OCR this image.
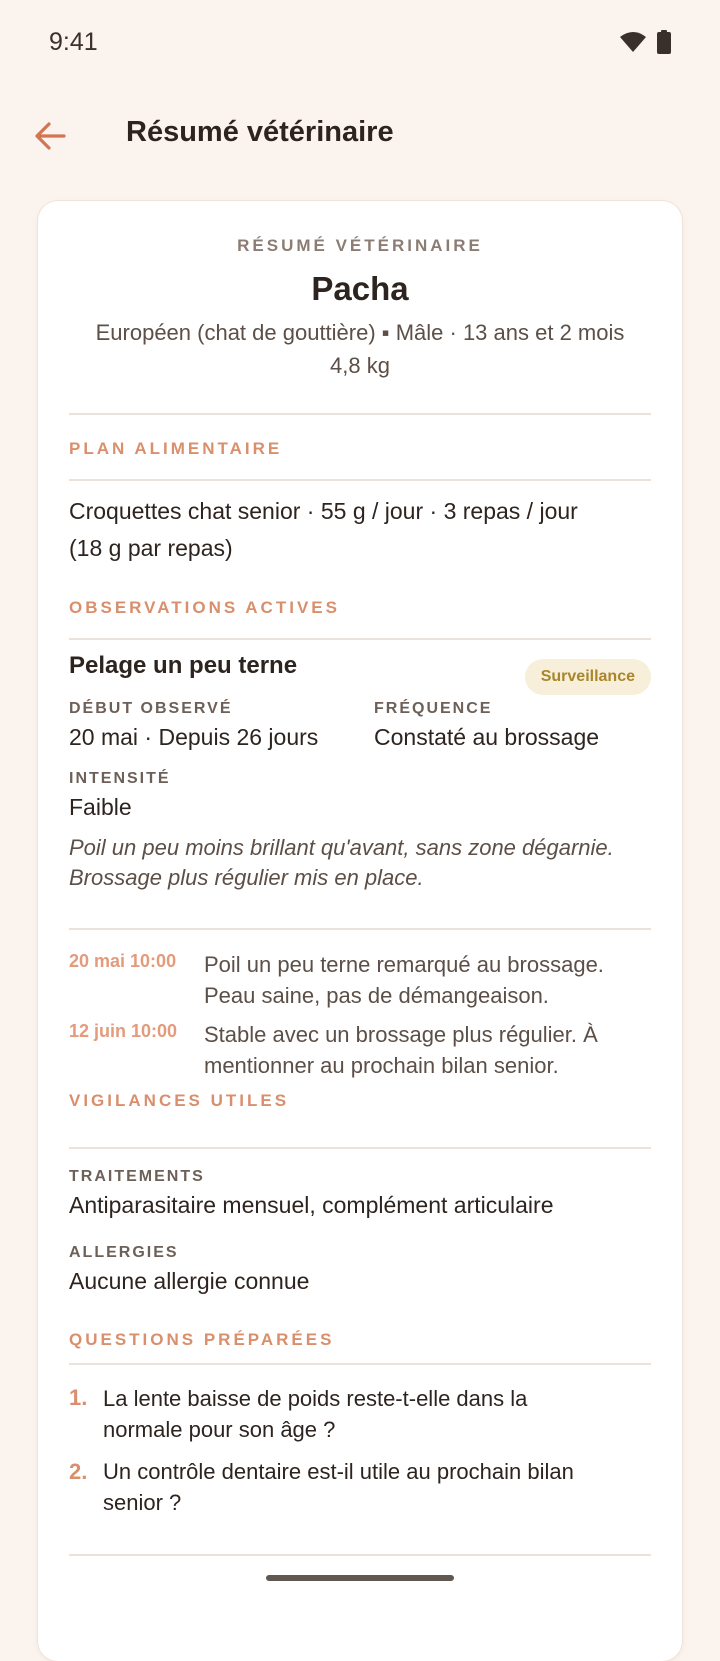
9:41
Résumé vétérinaire
RÉSUMÉ VÉTÉRINAIRE
Pacha
Européen (chat de gouttière) ▪ Mâle · 13 ans et 2 mois
4,8 kg
PLAN ALIMENTAIRE
Croquettes chat senior · 55 g / jour · 3 repas / jour
(18 g par repas)
OBSERVATIONS ACTIVES
Pelage un peu terne	Surveillance
DÉBUT OBSERVÉ
20 mai · Depuis 26 jours
FRÉQUENCE
Constaté au brossage
INTENSITÉ
Faible
Poil un peu moins brillant qu'avant, sans zone dégarnie.
Brossage plus régulier mis en place.
20 mai 10:00 Poil un peu terne remarqué au brossage.
Peau saine, pas de démangeaison.
12 juin 10:00 Stable avec un brossage plus régulier. À
mentionner au prochain bilan senior.
VIGILANCES UTILES
TRAITEMENTS
Antiparasitaire mensuel, complément articulaire
ALLERGIES
Aucune allergie connue
QUESTIONS PRÉPARÉES
1. La lente baisse de poids reste-t-elle dans la
normale pour son âge ?
2. Un contrôle dentaire est-il utile au prochain bilan
senior ?
